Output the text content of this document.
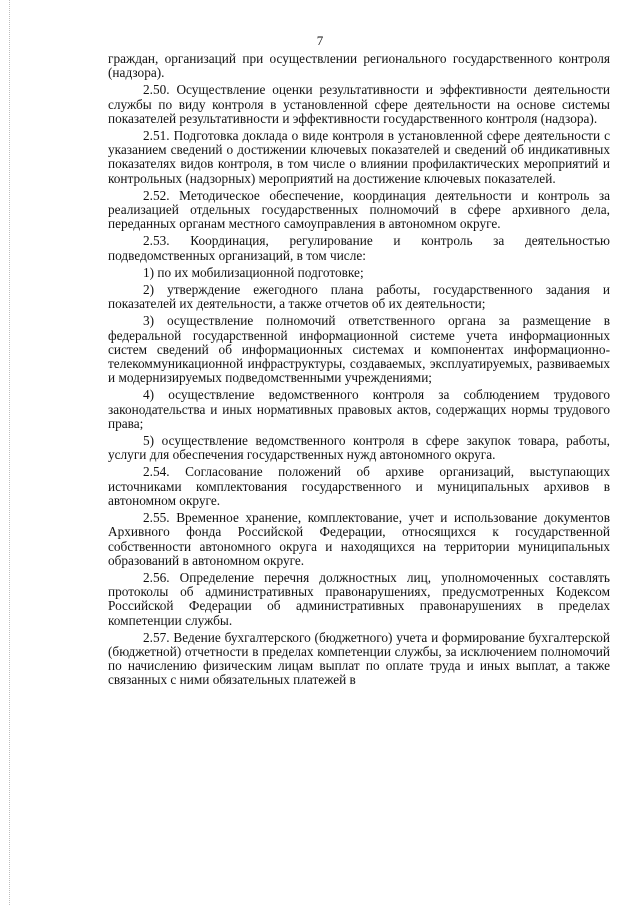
7

граждан, организаций при осуществлении регионального государственного контроля (надзора).

2.50. Осуществление оценки результативности и эффективности деятельности службы по виду контроля в установленной сфере деятельности на основе системы показателей результативности и эффективности государственного контроля (надзора).

2.51. Подготовка доклада о виде контроля в установленной сфере деятельности с указанием сведений о достижении ключевых показателей и сведений об индикативных показателях видов контроля, в том числе о влиянии профилактических мероприятий и контрольных (надзорных) мероприятий на достижение ключевых показателей.

2.52. Методическое обеспечение, координация деятельности и контроль за реализацией отдельных государственных полномочий в сфере архивного дела, переданных органам местного самоуправления в автономном округе.

2.53. Координация, регулирование и контроль за деятельностью подведомственных организаций, в том числе:

1) по их мобилизационной подготовке;

2) утверждение ежегодного плана работы, государственного задания и показателей их деятельности, а также отчетов об их деятельности;

3) осуществление полномочий ответственного органа за размещение в федеральной государственной информационной системе учета информационных систем сведений об информационных системах и компонентах информационно-телекоммуникационной инфраструктуры, создаваемых, эксплуатируемых, развиваемых и модернизируемых подведомственными учреждениями;

4) осуществление ведомственного контроля за соблюдением трудового законодательства и иных нормативных правовых актов, содержащих нормы трудового права;

5) осуществление ведомственного контроля в сфере закупок товара, работы, услуги для обеспечения государственных нужд автономного округа.

2.54. Согласование положений об архиве организаций, выступающих источниками комплектования государственного и муниципальных архивов в автономном округе.

2.55. Временное хранение, комплектование, учет и использование документов Архивного фонда Российской Федерации, относящихся к государственной собственности автономного округа и находящихся на территории муниципальных образований в автономном округе.

2.56. Определение перечня должностных лиц, уполномоченных составлять протоколы об административных правонарушениях, предусмотренных Кодексом Российской Федерации об административных правонарушениях в пределах компетенции службы.

2.57. Ведение бухгалтерского (бюджетного) учета и формирование бухгалтерской (бюджетной) отчетности в пределах компетенции службы, за исключением полномочий по начислению физическим лицам выплат по оплате труда и иных выплат, а также связанных с ними обязательных платежей в
